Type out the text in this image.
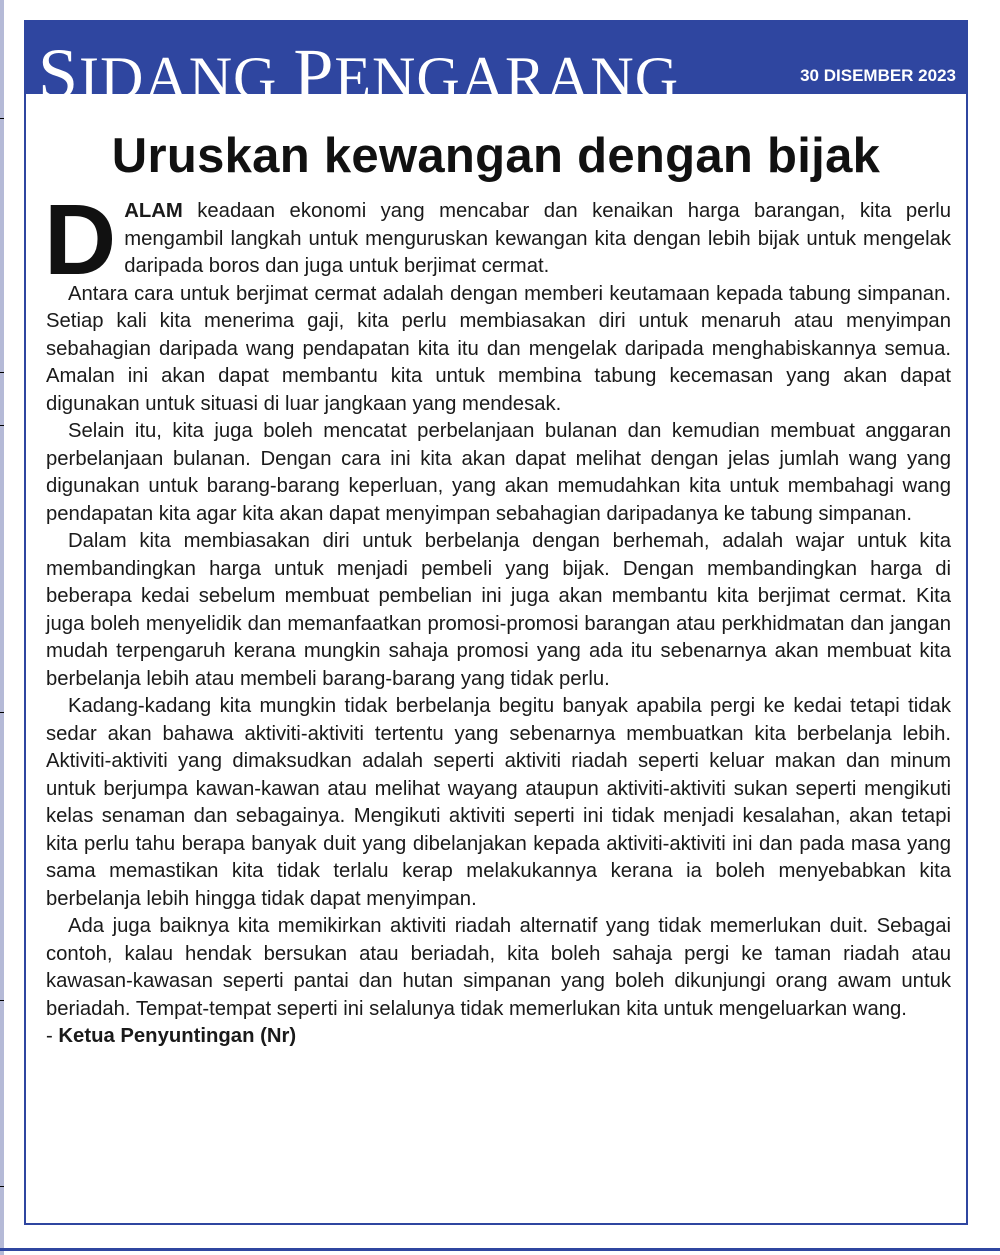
SIDANG PENGARANG	30 DISEMBER 2023
Uruskan kewangan dengan bijak

DALAM keadaan ekonomi yang mencabar dan kenaikan harga barangan, kita perlu mengambil langkah untuk menguruskan kewangan kita dengan lebih bijak untuk mengelak daripada boros dan juga untuk berjimat cermat.

Antara cara untuk berjimat cermat adalah dengan memberi keutamaan kepada tabung simpanan. Setiap kali kita menerima gaji, kita perlu membiasakan diri untuk menaruh atau menyimpan sebahagian daripada wang pendapatan kita itu dan mengelak daripada menghabiskannya semua. Amalan ini akan dapat membantu kita untuk membina tabung kecemasan yang akan dapat digunakan untuk situasi di luar jangkaan yang mendesak.

Selain itu, kita juga boleh mencatat perbelanjaan bulanan dan kemudian membuat anggaran perbelanjaan bulanan. Dengan cara ini kita akan dapat melihat dengan jelas jumlah wang yang digunakan untuk barang-barang keperluan, yang akan memudahkan kita untuk membahagi wang pendapatan kita agar kita akan dapat menyimpan sebahagian daripadanya ke tabung simpanan.

Dalam kita membiasakan diri untuk berbelanja dengan berhemah, adalah wajar untuk kita membandingkan harga untuk menjadi pembeli yang bijak. Dengan membandingkan harga di beberapa kedai sebelum membuat pembelian ini juga akan membantu kita berjimat cermat. Kita juga boleh menyelidik dan memanfaatkan promosi-promosi barangan atau perkhidmatan dan jangan mudah terpengaruh kerana mungkin sahaja promosi yang ada itu sebenarnya akan membuat kita berbelanja lebih atau membeli barang-barang yang tidak perlu.

Kadang-kadang kita mungkin tidak berbelanja begitu banyak apabila pergi ke kedai tetapi tidak sedar akan bahawa aktiviti-aktiviti tertentu yang sebenarnya membuatkan kita berbelanja lebih. Aktiviti-aktiviti yang dimaksudkan adalah seperti aktiviti riadah seperti keluar makan dan minum untuk berjumpa kawan-kawan atau melihat wayang ataupun aktiviti-aktiviti sukan seperti mengikuti kelas senaman dan sebagainya. Mengikuti aktiviti seperti ini tidak menjadi kesalahan, akan tetapi kita perlu tahu berapa banyak duit yang dibelanjakan kepada aktiviti-aktiviti ini dan pada masa yang sama memastikan kita tidak terlalu kerap melakukannya kerana ia boleh menyebabkan kita berbelanja lebih hingga tidak dapat menyimpan.

Ada juga baiknya kita memikirkan aktiviti riadah alternatif yang tidak memerlukan duit. Sebagai contoh, kalau hendak bersukan atau beriadah, kita boleh sahaja pergi ke taman riadah atau kawasan-kawasan seperti pantai dan hutan simpanan yang boleh dikunjungi orang awam untuk beriadah. Tempat-tempat seperti ini selalunya tidak memerlukan kita untuk mengeluarkan wang.

- Ketua Penyuntingan (Nr)
